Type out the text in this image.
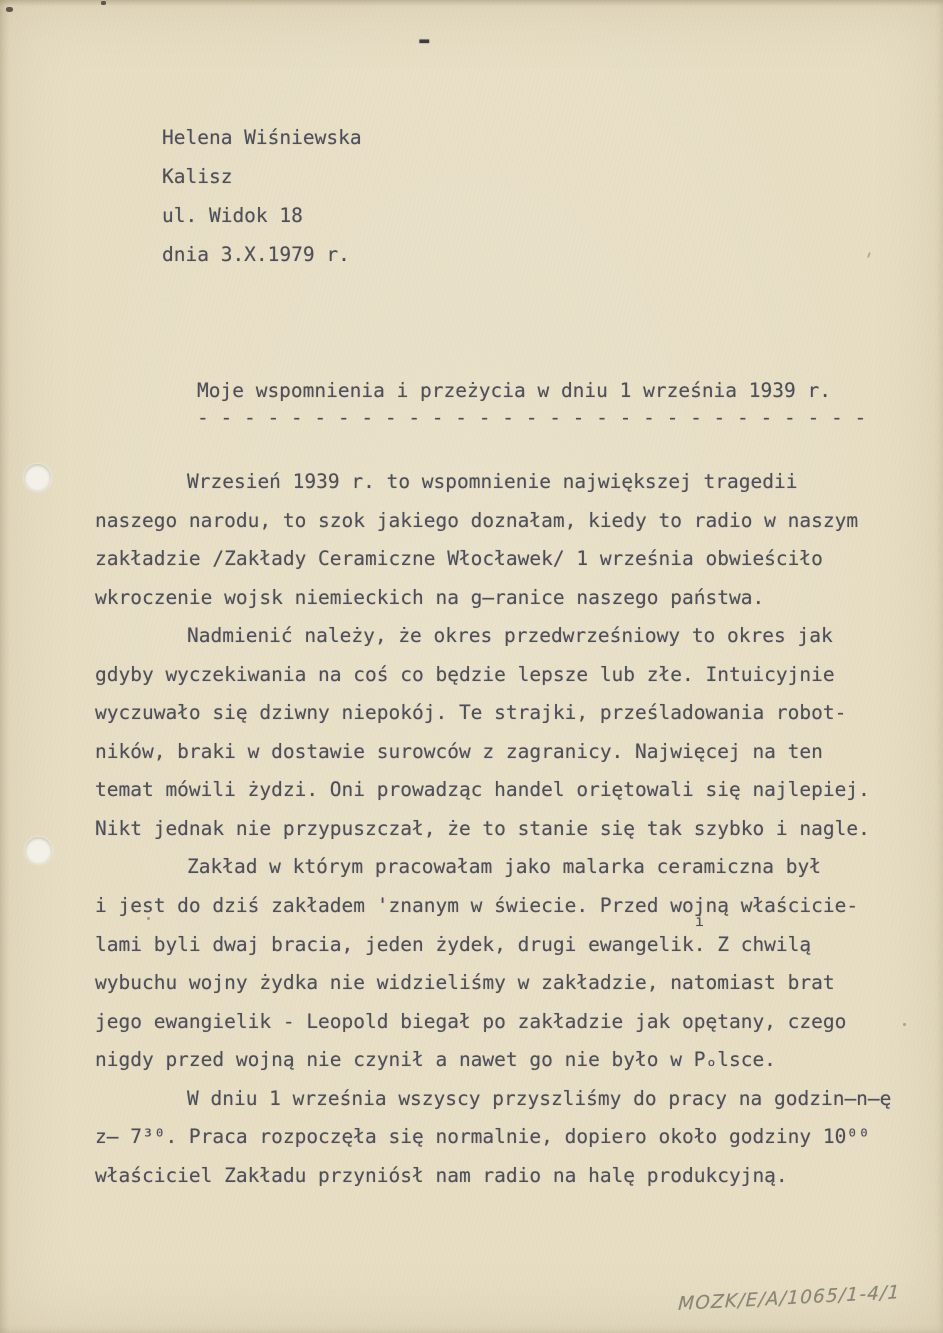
-
Helena Wiśniewska
Kalisz
ul. Widok 18
dnia 3.X.1979 r.
Moje wspomnienia i przeżycia w dniu 1 września 1939 r.
- - - - - - - - - - - - - - - - - - - - - - - - - - - - -
Wrzesień 1939 r. to wspomnienie największej tragedii
naszego narodu, to szok jakiego doznałam, kiedy to radio w naszym
zakładzie /Zakłady Ceramiczne Włocławek/ 1 września obwieściło
wkroczenie wojsk niemieckich na g̶ranice naszego państwa.
Nadmienić należy, że okres przedwrześniowy to okres jak
gdyby wyczekiwania na coś co będzie lepsze lub złe. Intuicyjnie
wyczuwało się dziwny niepokój. Te strajki, prześladowania robot-
ników, braki w dostawie surowców z zagranicy. Najwięcej na ten
temat mówili żydzi. Oni prowadząc handel oriętowali się najlepiej.
Nikt jednak nie przypuszczał, że to stanie się tak szybko i nagle.
Zakład w którym pracowałam jako malarka ceramiczna był
i jest do dziś zakładem 'znanym w świecie. Przed wojną właścicie-
lami byli dwaj bracia, jeden żydek, drugi ewangelik. Z chwilą
wybuchu wojny żydka nie widzieliśmy w zakładzie, natomiast brat
jego ewangielik - Leopold biegał po zakładzie jak opętany, czego
nigdy przed wojną nie czynił a nawet go nie było w Pₒlsce.
W dniu 1 września wszyscy przyszliśmy do pracy na godzin̶n̶ę
z̶ 7³⁰. Praca rozpoczęła się normalnie, dopiero około godziny 10⁰⁰
właściciel Zakładu przyniósł nam radio na halę produkcyjną.
i
MOZK/E/A/1065/1-4/1
